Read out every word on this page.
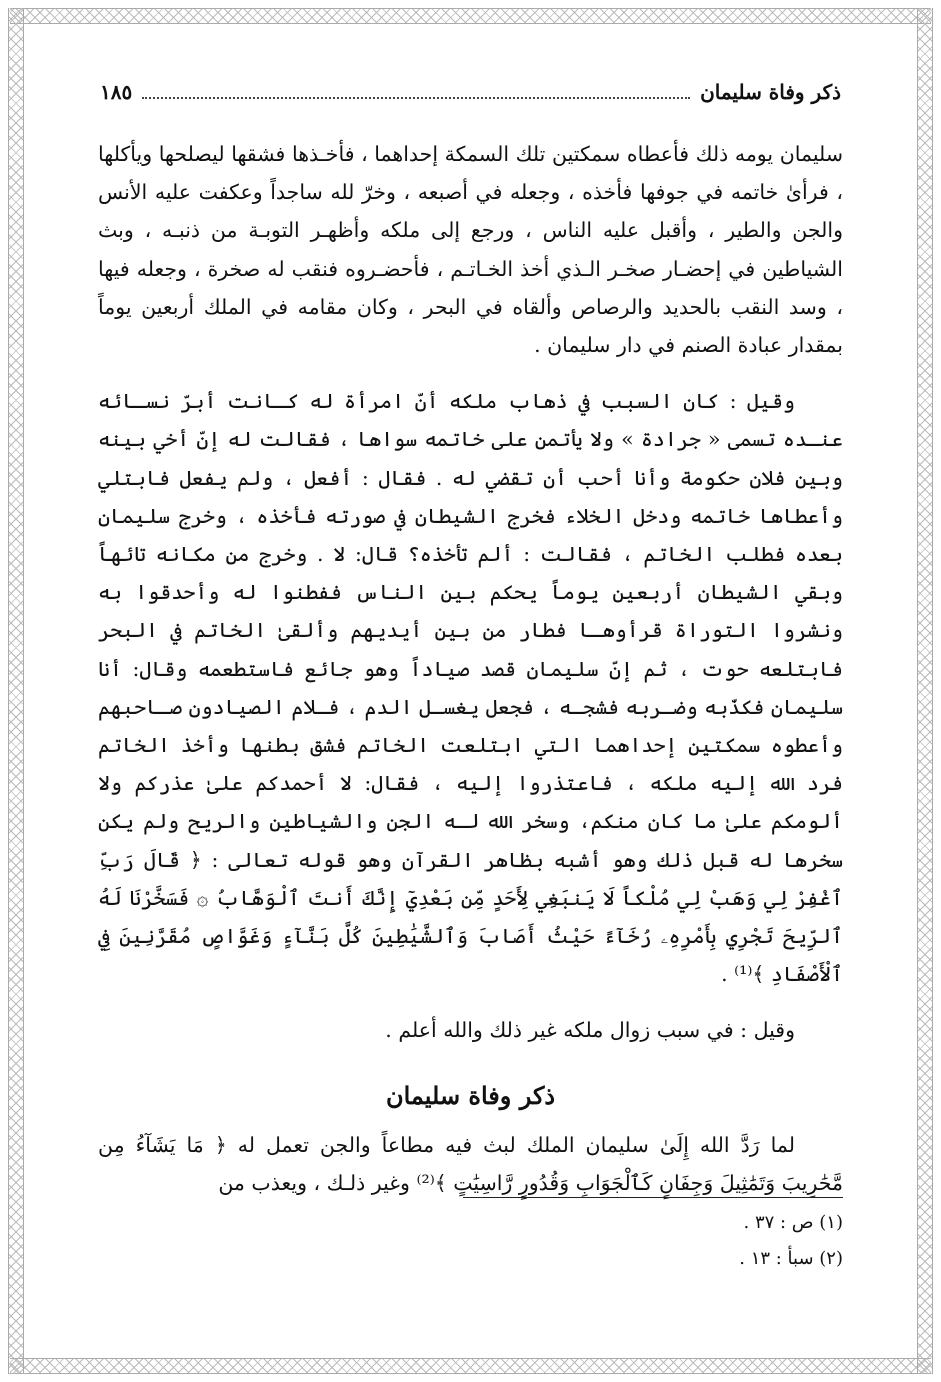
ذكر وفاة سليمان
١٨٥

سليمان يومه ذلك فأعطاه سمكتين تلك السمكة إحداهما ، فأخـذها فشقها ليصلحها ويأكلها ، فرأىٰ خاتمه في جوفها فأخذه ، وجعله في أصبعه ، وخرّ لله ساجداً وعكفت عليه الأنس والجن والطير ، وأقبل عليه الناس ، ورجع إلى ملكه وأظهـر التوبـة من ذنبـه ، وبث الشياطين في إحضـار صخـر الـذي أخذ الخـاتـم ، فأحضـروه فنقب له صخرة ، وجعله فيها ، وسد النقب بالحديد والرصاص وألقاه في البحر ، وكان مقامه في الملك أربعين يوماً بمقدار عبادة الصنم في دار سليمان .

وقيل : كان السبب في ذهاب ملكه أنّ امرأة له كـانت أبرّ نسـائه عنـده تسمى « جرادة » ولا يأتمن على خاتمه سواها ، فقالت له إنّ أخي بينه وبين فلان حكومة وأنا أحب أن تقضي له . فقال : أفعل ، ولم يفعل فابتلي وأعطاها خاتمه ودخل الخلاء فخرج الشيطان في صورته فأخذه ، وخرج سليمان بعده فطلب الخاتم ، فقالت : ألم تأخذه؟ قال: لا . وخرج من مكانه تائهاً وبقي الشيطان أربعين يوماً يحكم بين الناس ففطنوا له وأحدقوا به ونشروا التوراة قرأوهـا فطار من بين أيديهم وألقىٰ الخاتم في البحر فابتلعه حوت ، ثم إنّ سليمان قصد صياداً وهو جائع فاستطعمه وقال: أنا سليمان فكذّبه وضـربه فشجـه ، فجعل يغسـل الدم ، فـلام الصيادون صـاحبهم وأعطوه سمكتين إحداهما التي ابتلعت الخاتم فشق بطنها وأخذ الخاتم فرد الله إليه ملكه ، فاعتذروا إليه ، فقال: لا أحمدكم علىٰ عذركم ولا ألومكم علىٰ ما كان منكم، وسخر الله لـه الجن والشياطين والريح ولم يكن سخرها له قبل ذلك وهو أشبه بظاهر القرآن وهو قوله تعالى : ﴿ قَالَ رَبِّ ٱغْفِرْ لِي وَهَبْ لِي مُلْكاً لَا يَنبَغِي لِأَحَدٍ مِّن بَعْدِيٓ إِنَّكَ أَنتَ ٱلْوَهَّابُ ۞ فَسَخَّرْنَا لَهُ ٱلرِّيحَ تَجْرِي بِأَمْرِهِۦ رُخَآءً حَيْثُ أَصَابَ وَٱلشَّيَٰطِينَ كُلَّ بَنَّآءٍ وَغَوَّاصٍ مُقَرَّنِينَ فِي ٱلْأَصْفَادِ ﴾⁽¹⁾ .

وقيل : في سبب زوال ملكه غير ذلك والله أعلم .

ذكر وفاة سليمان

لما رَدَّ الله إِلَىٰ سليمان الملك لبث فيه مطاعاً والجن تعمل له ﴿ مَا يَشَآءُ مِن مَّحَٰرِيبَ وَتَمَٰثِيلَ وَجِفَانٍ كَٱلْجَوَابِ وَقُدُورٍ رَّاسِيَٰتٍ ﴾⁽²⁾ وغير ذلـك ، ويعذب من

(١) ص : ٣٧ .
(٢) سبأ : ١٣ .
